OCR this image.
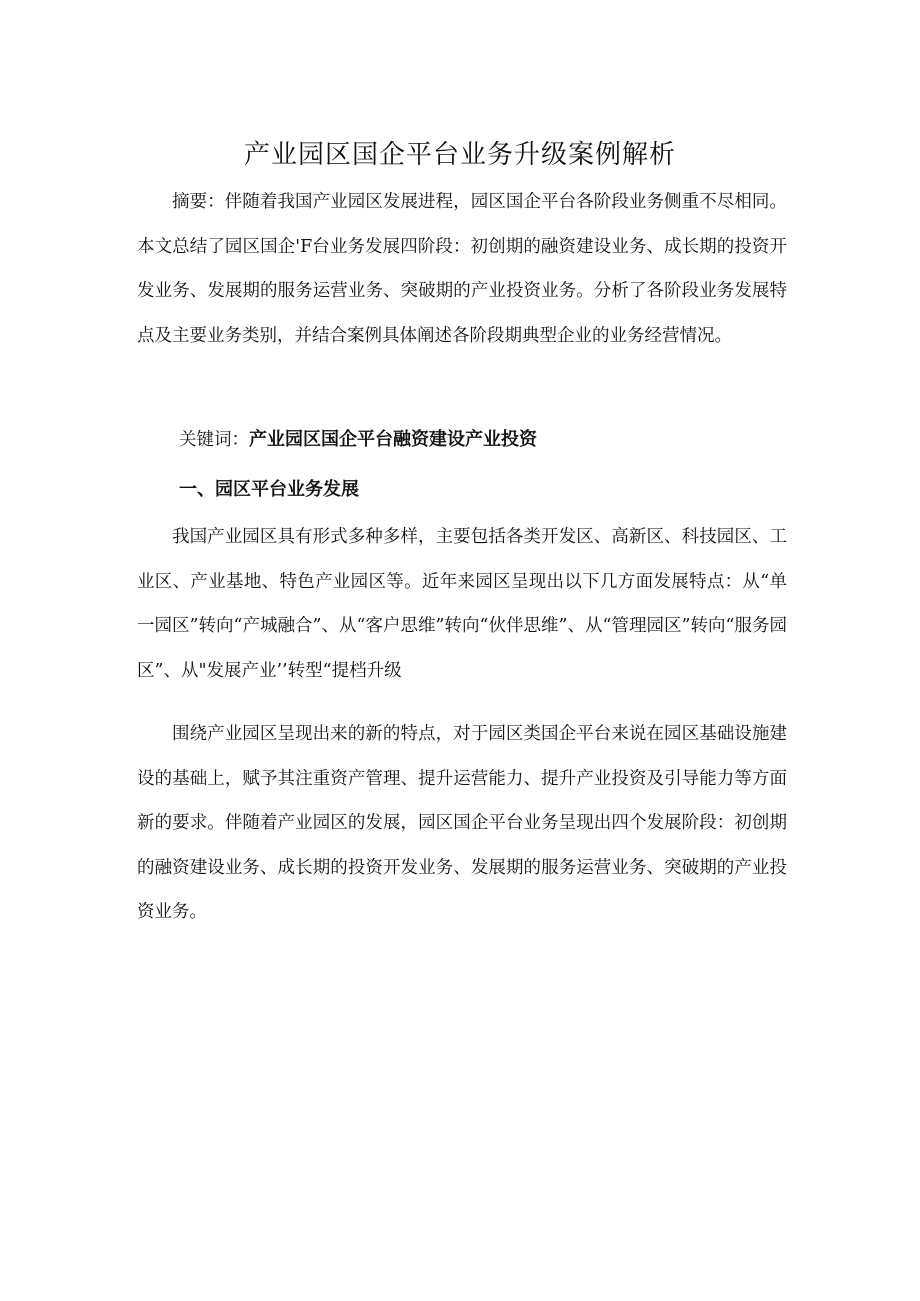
产业园区国企平台业务升级案例解析

摘要：伴随着我国产业园区发展进程，园区国企平台各阶段业务侧重不尽相同。本文总结了园区国企'F台业务发展四阶段：初创期的融资建设业务、成长期的投资开发业务、发展期的服务运营业务、突破期的产业投资业务。分析了各阶段业务发展特点及主要业务类别，并结合案例具体阐述各阶段期典型企业的业务经营情况。

关键词：产业园区国企平台融资建设产业投资
一、园区平台业务发展

我国产业园区具有形式多种多样，主要包括各类开发区、高新区、科技园区、工业区、产业基地、特色产业园区等。近年来园区呈现出以下几方面发展特点：从“单一园区”转向“产城融合”、从“客户思维”转向“伙伴思维”、从“管理园区”转向“服务园区”、从"发展产业’’转型“提档升级

围绕产业园区呈现出来的新的特点，对于园区类国企平台来说在园区基础设施建设的基础上，赋予其注重资产管理、提升运营能力、提升产业投资及引导能力等方面新的要求。伴随着产业园区的发展，园区国企平台业务呈现出四个发展阶段：初创期的融资建设业务、成长期的投资开发业务、发展期的服务运营业务、突破期的产业投资业务。
